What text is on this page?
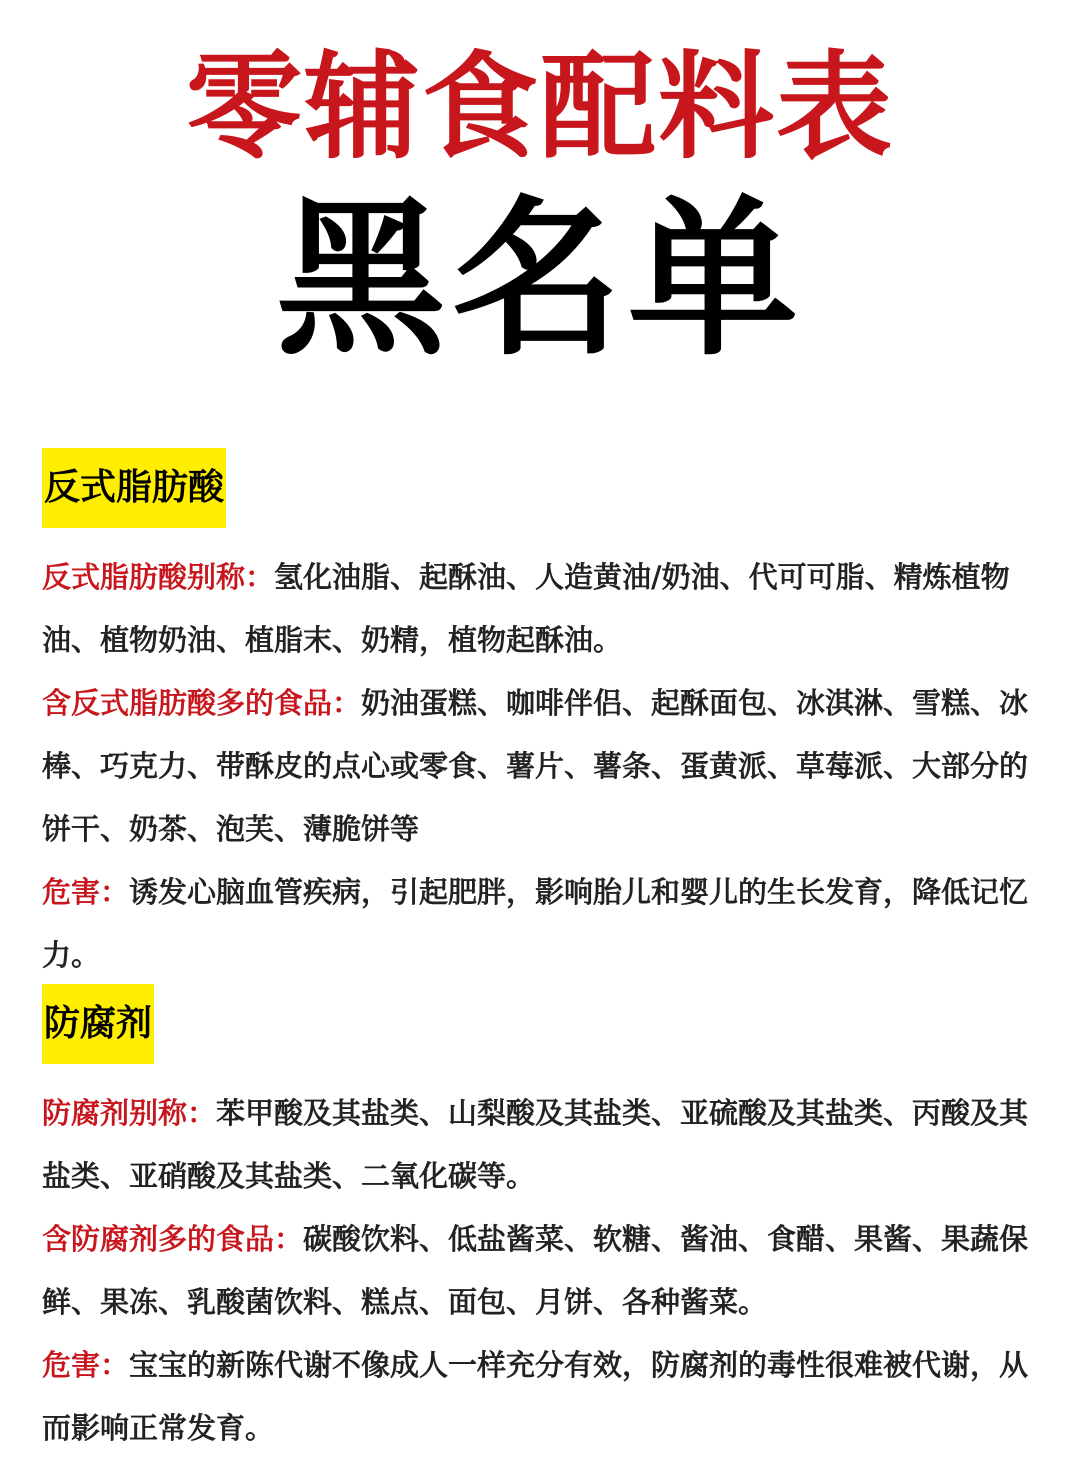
零辅食配料表
黑名单
反式脂肪酸

反式脂肪酸别称：氢化油脂、起酥油、人造黄油/奶油、代可可脂、精炼植物油、植物奶油、植脂末、奶精，植物起酥油。

含反式脂肪酸多的食品：奶油蛋糕、咖啡伴侣、起酥面包、冰淇淋、雪糕、冰棒、巧克力、带酥皮的点心或零食、薯片、薯条、蛋黄派、草莓派、大部分的饼干、奶茶、泡芙、薄脆饼等

危害：诱发心脑血管疾病，引起肥胖，影响胎儿和婴儿的生长发育，降低记忆力。

防腐剂

防腐剂别称：苯甲酸及其盐类、山梨酸及其盐类、亚硫酸及其盐类、丙酸及其盐类、亚硝酸及其盐类、二氧化碳等。

含防腐剂多的食品：碳酸饮料、低盐酱菜、软糖、酱油、食醋、果酱、果蔬保鲜、果冻、乳酸菌饮料、糕点、面包、月饼、各种酱菜。

危害：宝宝的新陈代谢不像成人一样充分有效，防腐剂的毒性很难被代谢，从而影响正常发育。
